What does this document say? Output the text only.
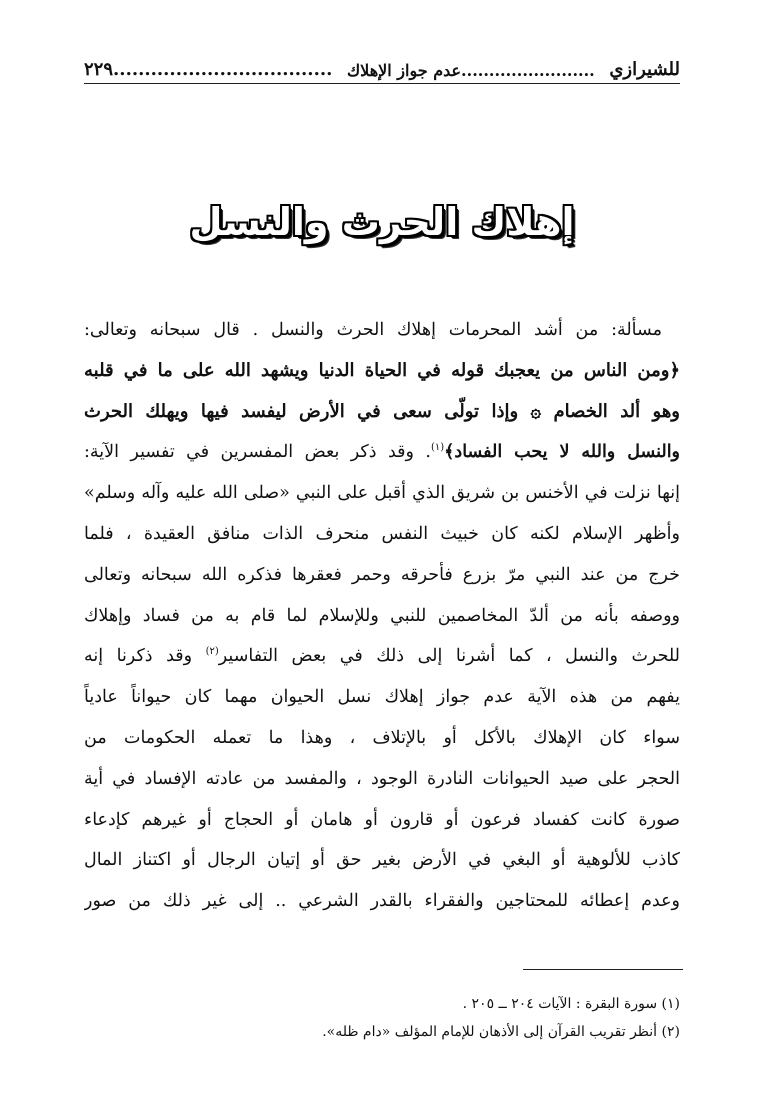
للشيرازي
........................عدم جواز الإهلاك
...................................٢٢٩
إهلاك الحرث والنسل
مسألة: من أشد المحرمات إهلاك الحرث والنسل . قال سبحانه وتعالى:
﴿ومن الناس من يعجبك قوله في الحياة الدنيا ويشهد الله على ما في قلبه
وهو ألد الخصام ۞ وإذا تولّى سعى في الأرض ليفسد فيها ويهلك الحرث
والنسل والله لا يحب الفساد﴾$^{(١)}$. وقد ذكر بعض المفسرين في تفسير الآية:
إنها نزلت في الأخنس بن شريق الذي أقبل على النبي «صلى الله عليه وآله وسلم»
وأظهر الإسلام لكنه كان خبيث النفس منحرف الذات منافق العقيدة ، فلما
خرج من عند النبي مرّ بزرع فأحرقه وحمر فعقرها فذكره الله سبحانه وتعالى
ووصفه بأنه من ألدّ المخاصمين للنبي وللإسلام لما قام به من فساد وإهلاك
للحرث والنسل ، كما أشرنا إلى ذلك في بعض التفاسير$^{(٢)}$ وقد ذكرنا إنه
يفهم من هذه الآية عدم جواز إهلاك نسل الحيوان مهما كان حيواناً عادياً
سواء كان الإهلاك بالأكل أو بالإتلاف ، وهذا ما تعمله الحكومات من
الحجر على صيد الحيوانات النادرة الوجود ، والمفسد من عادته الإفساد في أية
صورة كانت كفساد فرعون أو قارون أو هامان أو الحجاج أو غيرهم كإدعاء
كاذب للألوهية أو البغي في الأرض بغير حق أو إتيان الرجال أو اكتناز المال
وعدم إعطائه للمحتاجين والفقراء بالقدر الشرعي .. إلى غير ذلك من صور
(١) سورة البقرة : الآيات ٢٠٤ ــ ٢٠٥ .
(٢) أنظر تقريب القرآن إلى الأذهان للإمام المؤلف «دام ظله».
